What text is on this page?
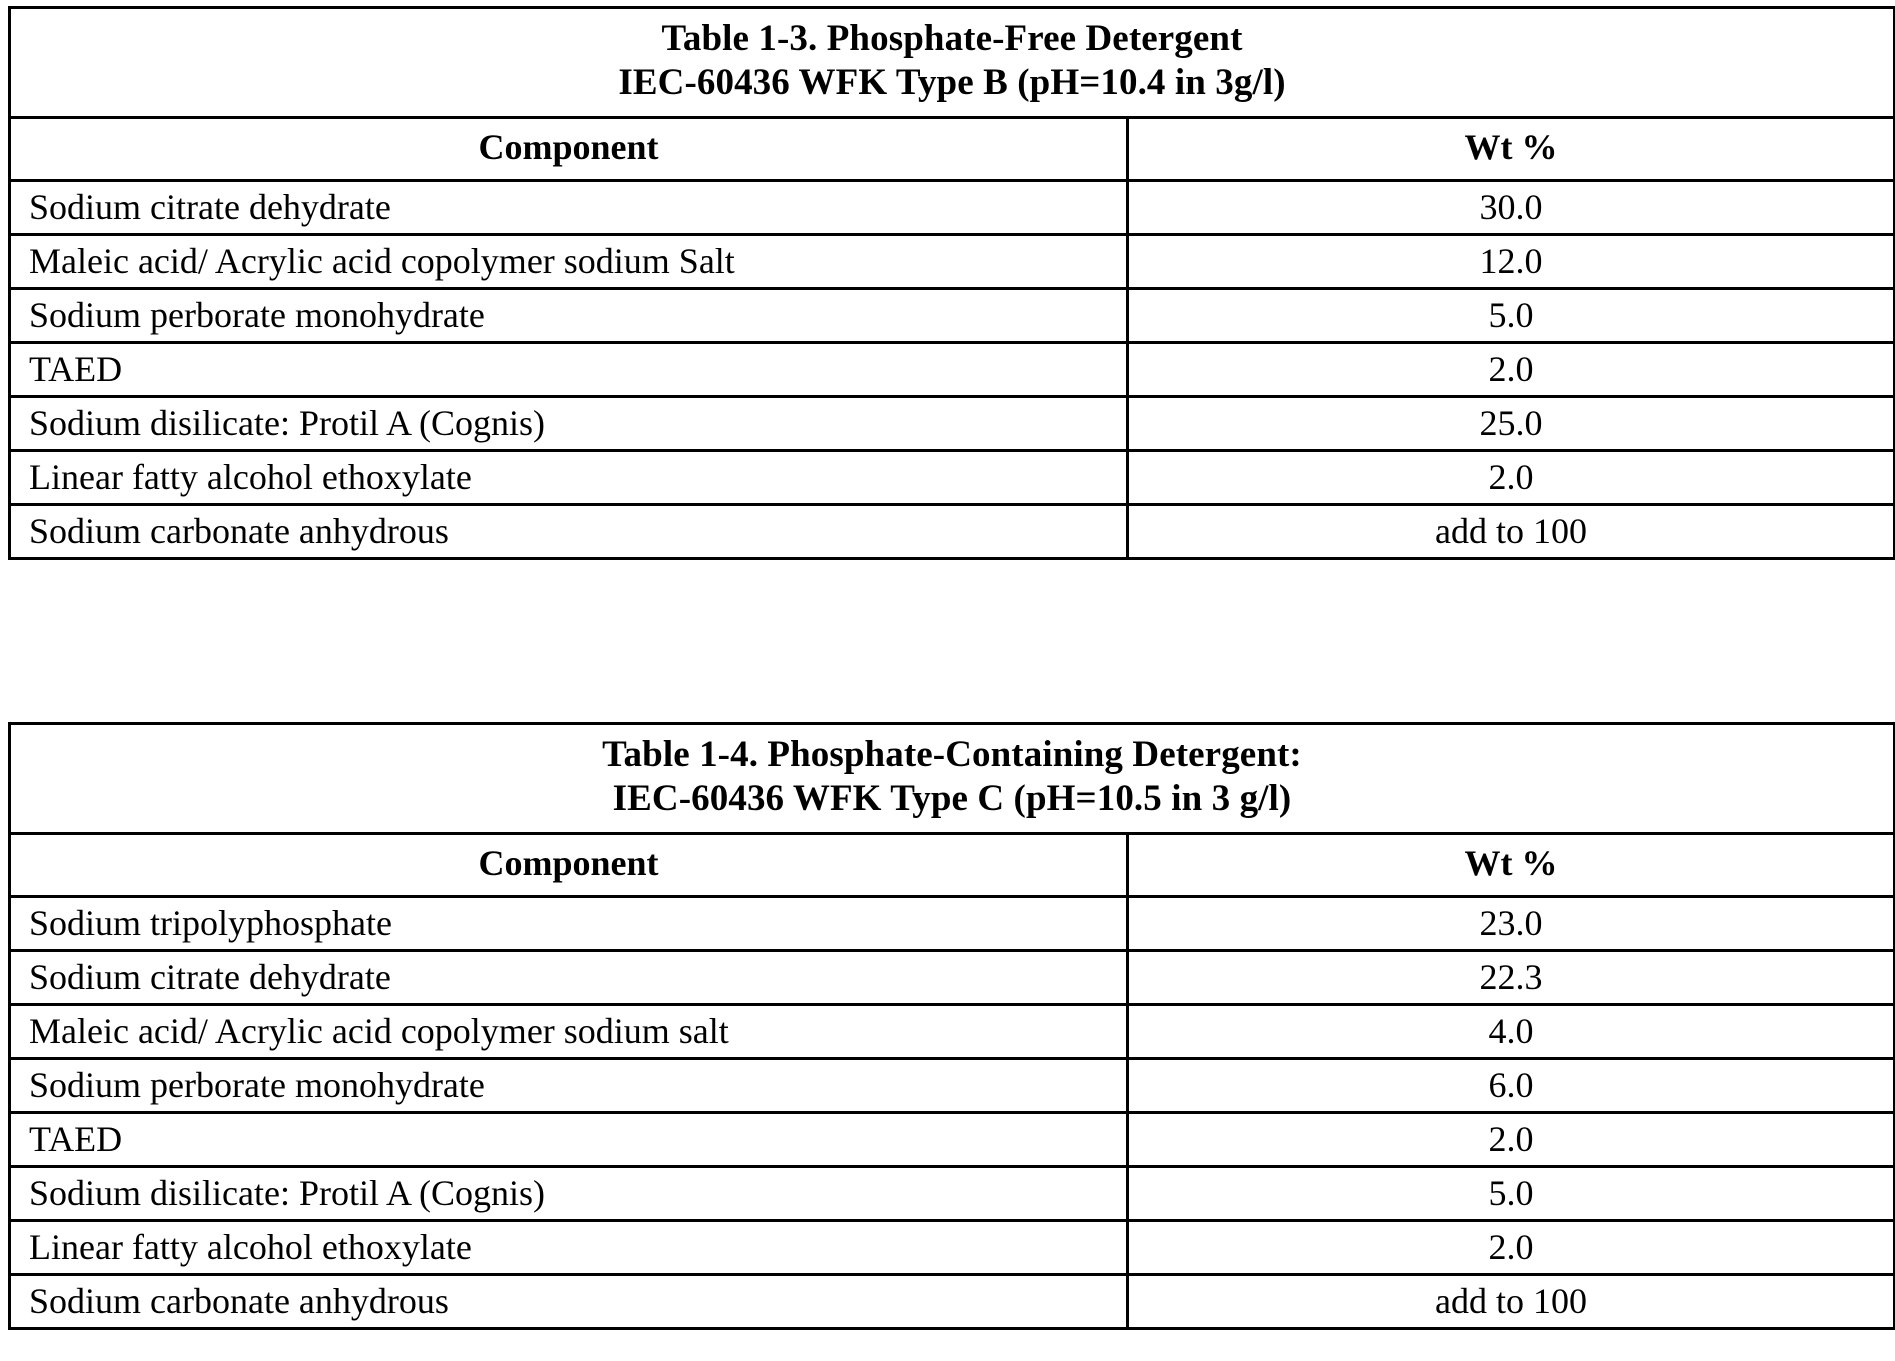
Table 1-3. Phosphate-Free Detergent
IEC-60436 WFK Type B (pH=10.4 in 3g/l)	

Component	Wt %
Sodium citrate dehydrate	30.0
Maleic acid/ Acrylic acid copolymer sodium Salt	12.0
Sodium perborate monohydrate	5.0
TAED	2.0
Sodium disilicate: Protil A (Cognis)	25.0
Linear fatty alcohol ethoxylate	2.0
Sodium carbonate anhydrous	add to 100
Table 1-4. Phosphate-Containing Detergent:
IEC-60436 WFK Type C (pH=10.5 in 3 g/l)	

Component	Wt %
Sodium tripolyphosphate	23.0
Sodium citrate dehydrate	22.3
Maleic acid/ Acrylic acid copolymer sodium salt	4.0
Sodium perborate monohydrate	6.0
TAED	2.0
Sodium disilicate: Protil A (Cognis)	5.0
Linear fatty alcohol ethoxylate	2.0
Sodium carbonate anhydrous	add to 100
